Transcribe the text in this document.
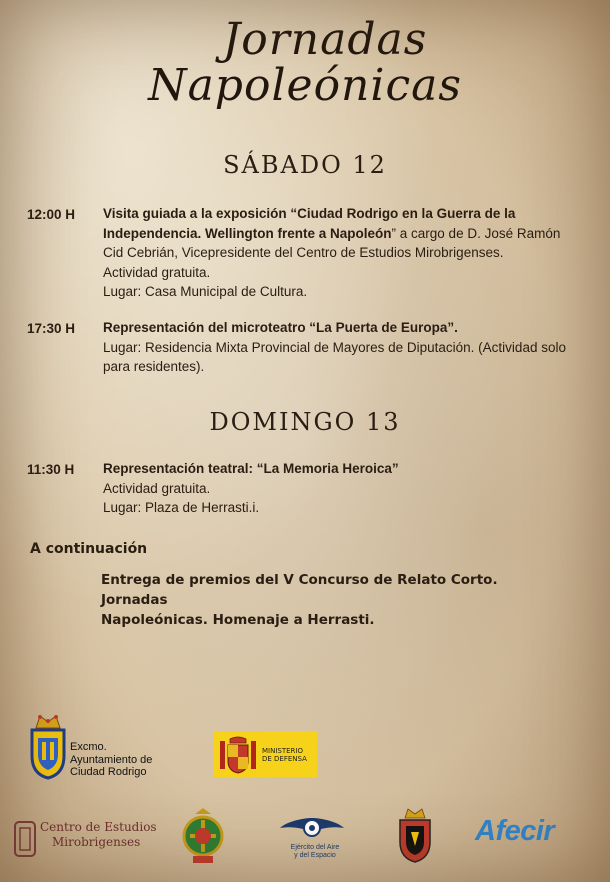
Jornadas
Napoleónicas
SÁBADO 12
12:00 H Visita guiada a la exposición “Ciudad Rodrigo en la Guerra de la
Independencia. Wellington frente a Napoleón” a cargo de D. José Ramón
Cid Cebrián, Vicepresidente del Centro de Estudios Mirobrigenses.
Actividad gratuita.
Lugar: Casa Municipal de Cultura.
17:30 H Representación del microteatro “La Puerta de Europa”.
Lugar: Residencia Mixta Provincial de Mayores de Diputación. (Actividad solo
para residentes).
DOMINGO 13
11:30 H Representación teatral: “La Memoria Heroica”
Actividad gratuita.
Lugar: Plaza de Herrasti.i.
A continuación
Entrega de premios del V Concurso de Relato Corto. Jornadas
Napoleónicas. Homenaje a Herrasti.
Excmo.
Ayuntamiento de
Ciudad Rodrigo
MINISTERIO
DE DEFENSA
Centro de Estudios
Mirobrigenses	Ejército del Aire
y del Espacio
Afecir
